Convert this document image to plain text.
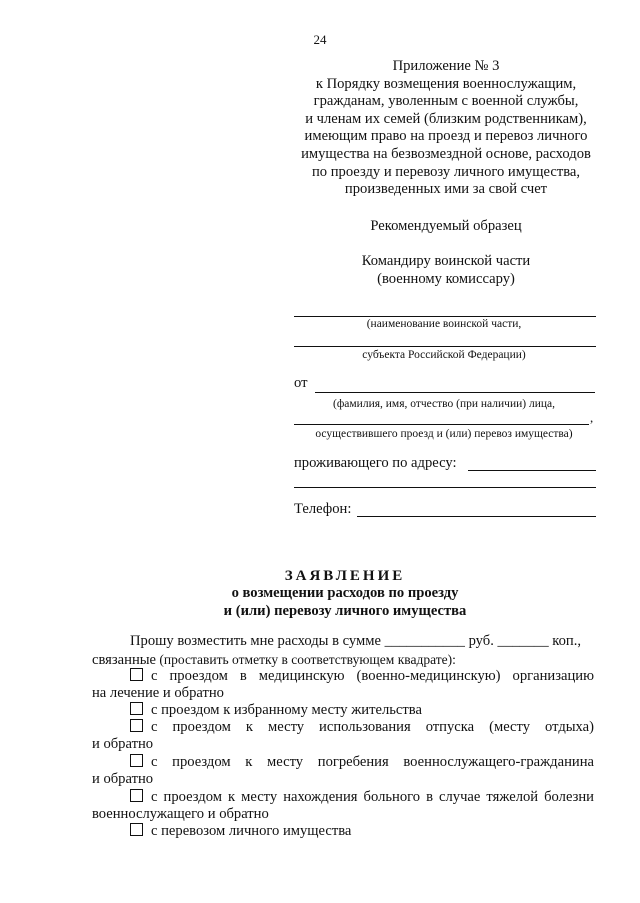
24
Приложение № 3
к Порядку возмещения военнослужащим,
гражданам, уволенным с военной службы,
и членам их семей (близким родственникам),
имеющим право на проезд и перевоз личного
имущества на безвозмездной основе, расходов
по проезду и перевозу личного имущества,
произведенных ими за свой счет
Рекомендуемый образец
Командиру воинской части
(военному комиссару)
(наименование воинской части,
субъекта Российской Федерации)
от
(фамилия, имя, отчество (при наличии) лица,
,
осуществившего проезд и (или) перевоз имущества)
проживающего по адресу:
Телефон:
ЗАЯВЛЕНИЕ
о возмещении расходов по проезду
и (или) перевозу личного имущества
Прошу возместить мне расходы в сумме ___________ руб. _______ коп.,
связанные (проставить отметку в соответствующем квадрате):
с проездом в медицинскую (военно-медицинскую) организацию
на лечение и обратно
с проездом к избранному месту жительства
с проездом к месту использования отпуска (месту отдыха)
и обратно
с проездом к месту погребения военнослужащего-гражданина
и обратно
с проездом к месту нахождения больного в случае тяжелой болезни
военнослужащего и обратно
с перевозом личного имущества
